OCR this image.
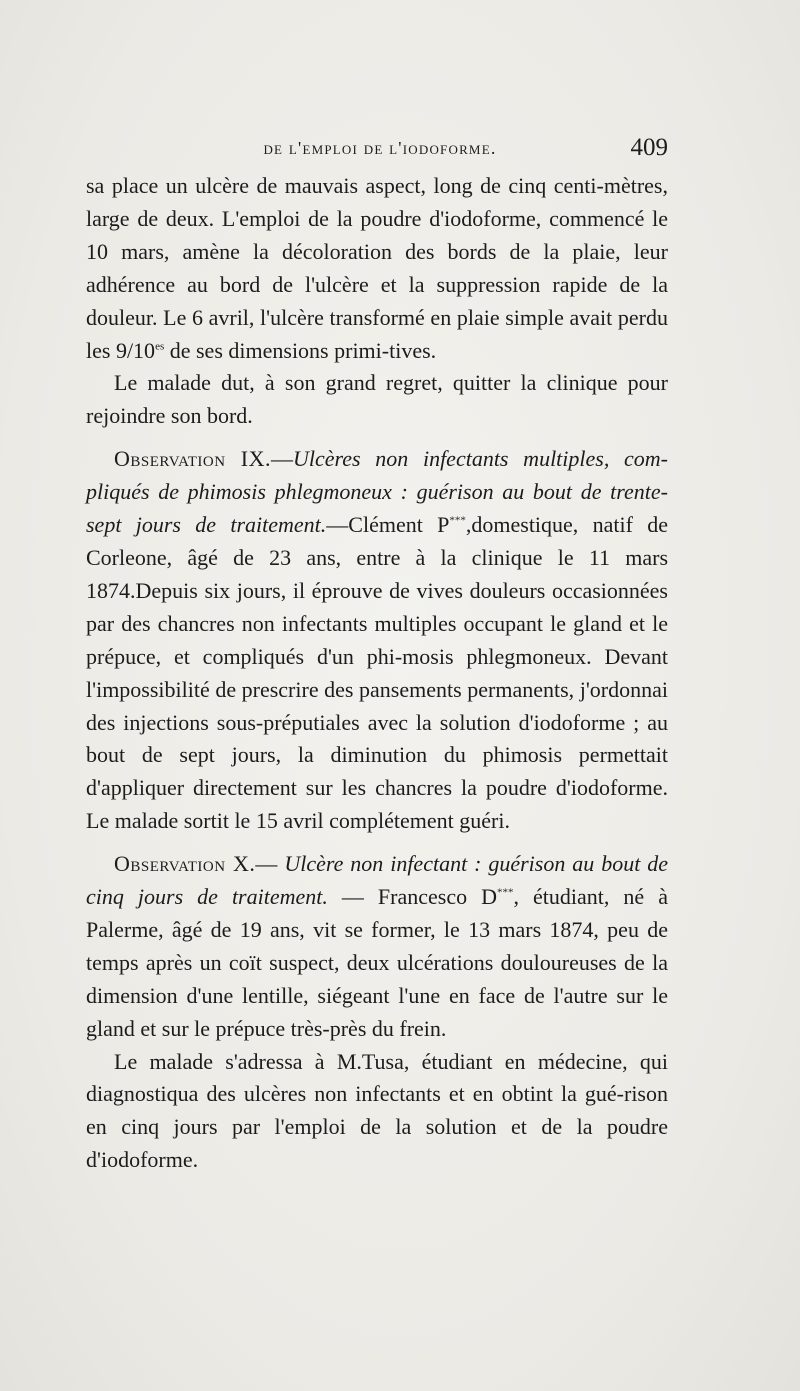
de l'emploi de l'iodoforme.	409

sa place un ulcère de mauvais aspect, long de cinq centi-mètres, large de deux. L'emploi de la poudre d'iodoforme, commencé le 10 mars, amène la décoloration des bords de la plaie, leur adhérence au bord de l'ulcère et la suppression rapide de la douleur. Le 6 avril, l'ulcère transformé en plaie simple avait perdu les $9/10^{es}$ de ses dimensions primi-tives.

Le malade dut, à son grand regret, quitter la clinique pour rejoindre son bord.

Observation IX.—Ulcères non infectants multiples, com-pliqués de phimosis phlegmoneux : guérison au bout de trente-sept jours de traitement.—Clément P***,domestique, natif de Corleone, âgé de 23 ans, entre à la clinique le 11 mars 1874.Depuis six jours, il éprouve de vives douleurs occasionnées par des chancres non infectants multiples occupant le gland et le prépuce, et compliqués d'un phi-mosis phlegmoneux. Devant l'impossibilité de prescrire des pansements permanents, j'ordonnai des injections sous-préputiales avec la solution d'iodoforme ; au bout de sept jours, la diminution du phimosis permettait d'appliquer directement sur les chancres la poudre d'iodoforme. Le malade sortit le 15 avril complétement guéri.

Observation X.— Ulcère non infectant : guérison au bout de cinq jours de traitement. — Francesco D***, étudiant, né à Palerme, âgé de 19 ans, vit se former, le 13 mars 1874, peu de temps après un coït suspect, deux ulcérations douloureuses de la dimension d'une lentille, siégeant l'une en face de l'autre sur le gland et sur le prépuce très-près du frein.

Le malade s'adressa à M.Tusa, étudiant en médecine, qui diagnostiqua des ulcères non infectants et en obtint la gué-rison en cinq jours par l'emploi de la solution et de la poudre d'iodoforme.
